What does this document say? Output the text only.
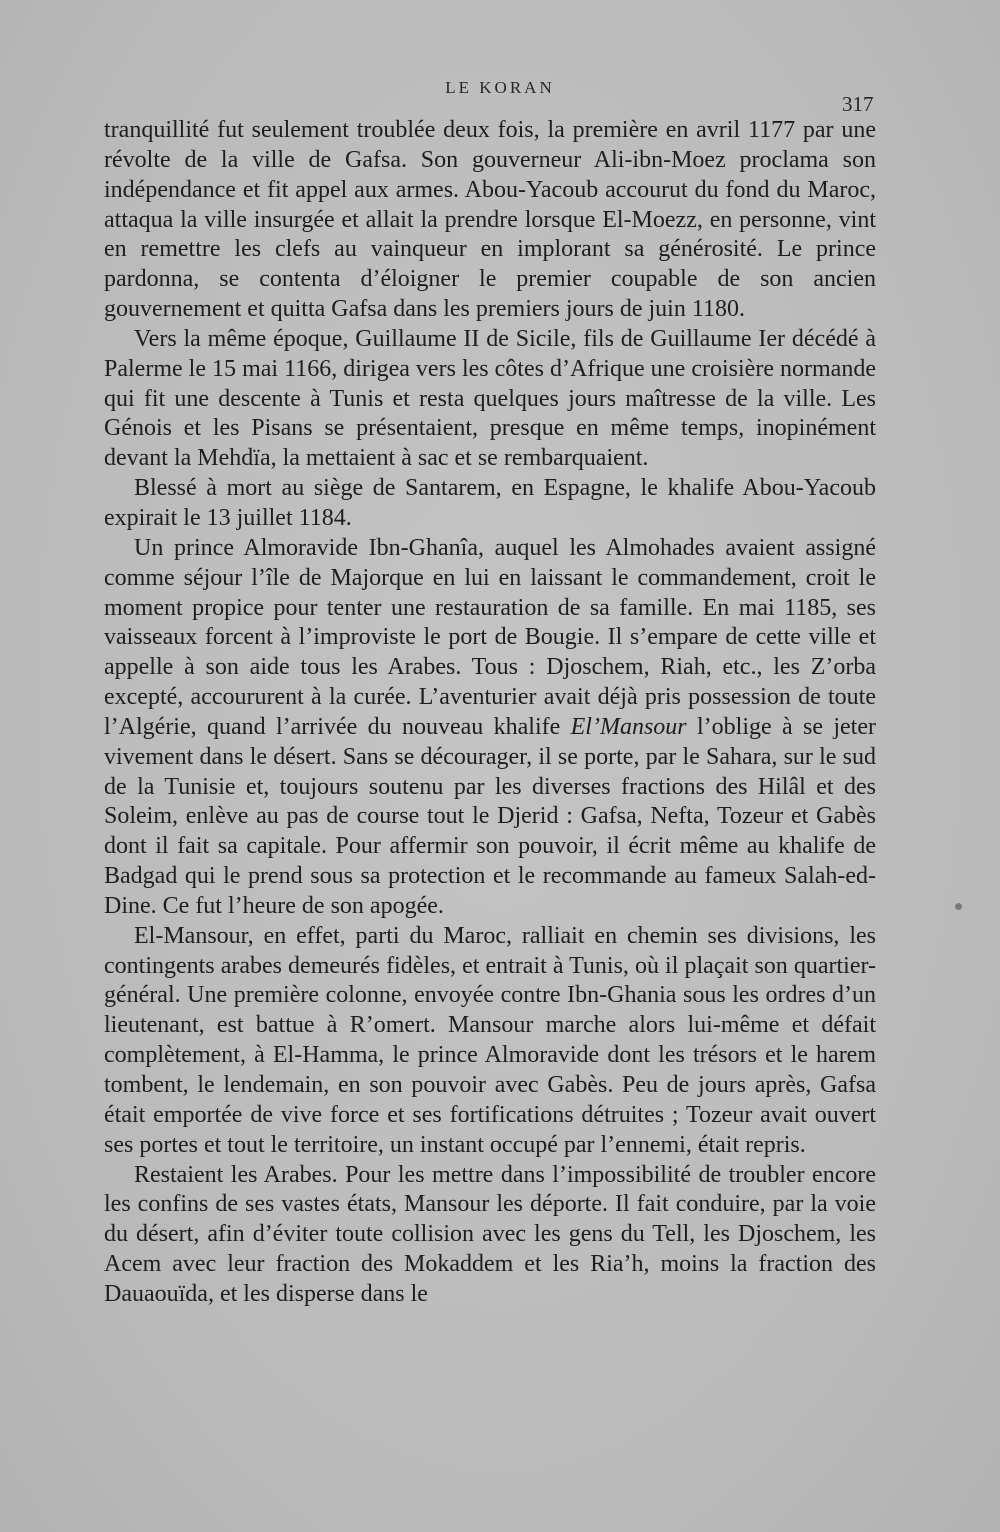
LE KORAN
317

tranquillité fut seulement troublée deux fois, la première en avril 1177 par une révolte de la ville de Gafsa. Son gouverneur Ali-ibn-Moez proclama son indépendance et fit appel aux armes. Abou-Yacoub accourut du fond du Maroc, attaqua la ville insurgée et allait la prendre lorsque El-Moezz, en personne, vint en remettre les clefs au vainqueur en implorant sa générosité. Le prince pardonna, se contenta d’éloigner le premier coupable de son ancien gouvernement et quitta Gafsa dans les premiers jours de juin 1180.

Vers la même époque, Guillaume II de Sicile, fils de Guillaume Ier décédé à Palerme le 15 mai 1166, dirigea vers les côtes d’Afrique une croisière normande qui fit une descente à Tunis et resta quelques jours maîtresse de la ville. Les Génois et les Pisans se présentaient, presque en même temps, inopinément devant la Mehdïa, la mettaient à sac et se rembarquaient.

Blessé à mort au siège de Santarem, en Espagne, le khalife Abou-Yacoub expirait le 13 juillet 1184.

Un prince Almoravide Ibn-Ghanîa, auquel les Almohades avaient assigné comme séjour l’île de Majorque en lui en laissant le commandement, croit le moment propice pour tenter une restauration de sa famille. En mai 1185, ses vaisseaux forcent à l’improviste le port de Bougie. Il s’empare de cette ville et appelle à son aide tous les Arabes. Tous : Djoschem, Riah, etc., les Z’orba excepté, accoururent à la curée. L’aventurier avait déjà pris possession de toute l’Algérie, quand l’arrivée du nouveau khalife El’Mansour l’oblige à se jeter vivement dans le désert. Sans se décourager, il se porte, par le Sahara, sur le sud de la Tunisie et, toujours soutenu par les diverses fractions des Hilâl et des Soleim, enlève au pas de course tout le Djerid : Gafsa, Nefta, Tozeur et Gabès dont il fait sa capitale. Pour affermir son pouvoir, il écrit même au khalife de Badgad qui le prend sous sa protection et le recommande au fameux Salah-ed-Dine. Ce fut l’heure de son apogée.

El-Mansour, en effet, parti du Maroc, ralliait en chemin ses divisions, les contingents arabes demeurés fidèles, et entrait à Tunis, où il plaçait son quartier-général. Une première colonne, envoyée contre Ibn-Ghania sous les ordres d’un lieutenant, est battue à R’omert. Mansour marche alors lui-même et défait complètement, à El-Hamma, le prince Almoravide dont les trésors et le harem tombent, le lendemain, en son pouvoir avec Gabès. Peu de jours après, Gafsa était emportée de vive force et ses fortifications détruites ; Tozeur avait ouvert ses portes et tout le territoire, un instant occupé par l’ennemi, était repris.

Restaient les Arabes. Pour les mettre dans l’impossibilité de troubler encore les confins de ses vastes états, Mansour les déporte. Il fait conduire, par la voie du désert, afin d’éviter toute collision avec les gens du Tell, les Djoschem, les Acem avec leur fraction des Mokaddem et les Ria’h, moins la fraction des Dauaouïda, et les disperse dans le
